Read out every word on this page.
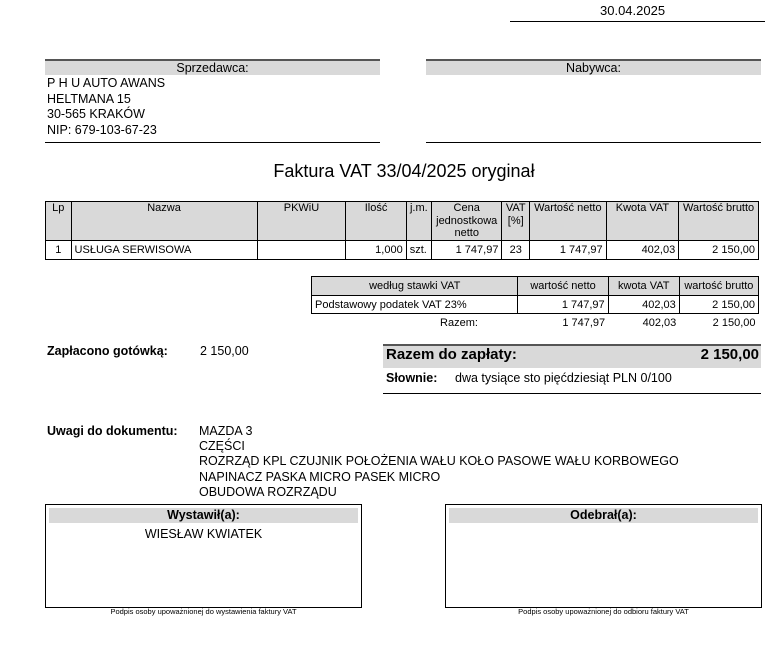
30.04.2025
Sprzedawca:	Nabywca:
P H U AUTO AWANS
HELTMANA 15
30-565 KRAKÓW
NIP: 679-103-67-23
Faktura VAT 33/04/2025 oryginał
Lp	Nazwa	PKWiU	Ilość	j.m.	Cena jednostkowa netto	VAT [%]	Wartość netto	Kwota VAT	Wartość brutto
1	USŁUGA SERWISOWA		1,000	szt.	1 747,97	23	1 747,97	402,03	2 150,00
według stawki VAT	wartość netto	kwota VAT	wartość brutto
Podstawowy podatek VAT 23%	1 747,97	402,03	2 150,00
Razem:	1 747,97	402,03	2 150,00
Zapłacono gotówką:	2 150,00	Razem do zapłaty:	2 150,00
Słownie: dwa tysiące sto pięćdziesiąt PLN 0/100
Uwagi do dokumentu: MAZDA 3
CZĘŚCI
ROZRZĄD KPL CZUJNIK POŁOŻENIA WAŁU KOŁO PASOWE WAŁU KORBOWEGO
NAPINACZ PASKA MICRO PASEK MICRO
OBUDOWA ROZRZĄDU
Wystawił(a):
WIESŁAW KWIATEK
Odebrał(a):
Podpis osoby upoważnionej do wystawienia faktury VAT	Podpis osoby upoważnionej do odbioru faktury VAT
